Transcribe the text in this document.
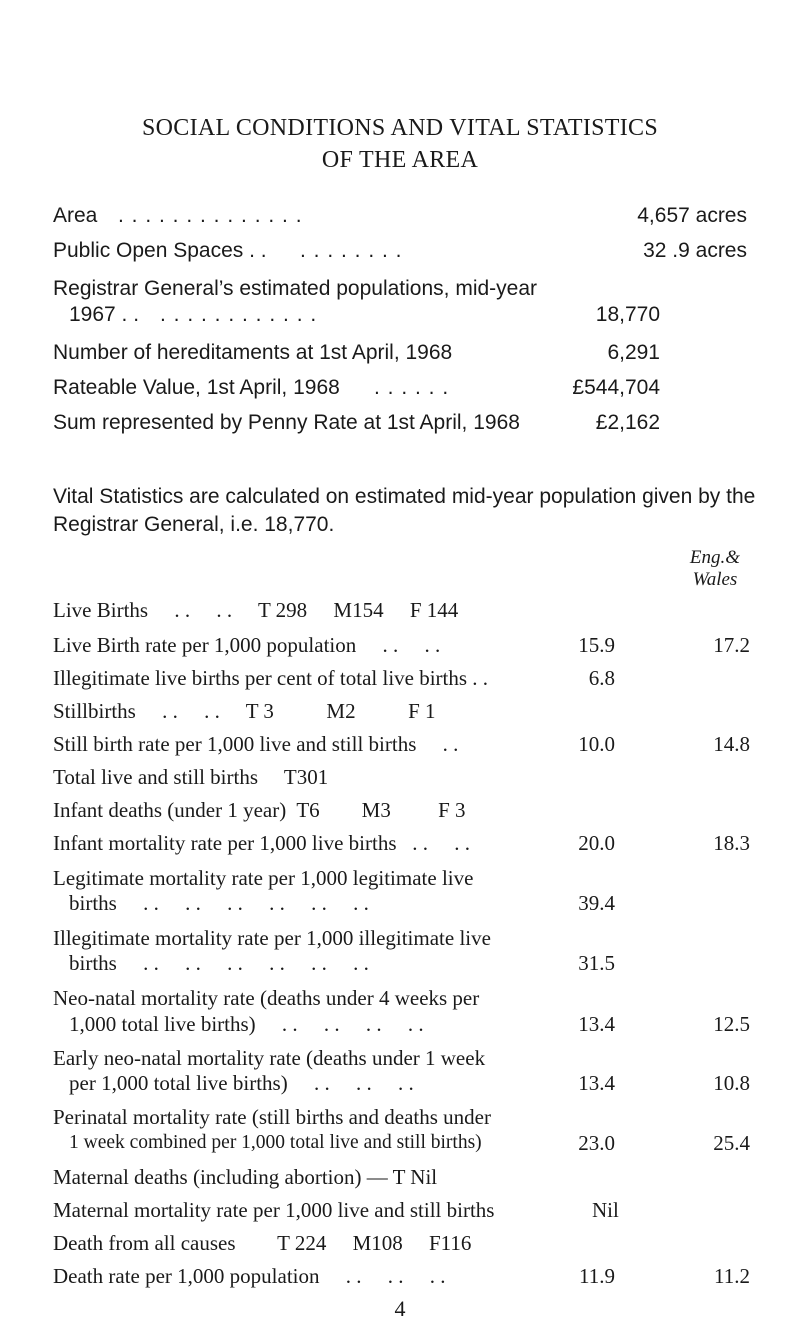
SOCIAL CONDITIONS AND VITAL STATISTICS
OF THE AREA
Area . . . . . . . . . . . . . .	4,657 acres
Public Open Spaces . . . . . . . . . .	32 .9 acres
Registrar General’s estimated populations, mid-year
1967 . . . . . . . . . . . . . .	18,770
Number of hereditaments at 1st April, 1968	6,291
Rateable Value, 1st April, 1968 . . . . . .	£544,704
Sum represented by Penny Rate at 1st April, 1968	£2,162
Vital Statistics are calculated on estimated mid-year population given by the Registrar General, i.e. 18,770.
Eng.&
Wales
Live Births     . .     . .     T 298     M154     F 144
Live Birth rate per 1,000 population     . .     . .	15.9	17.2
Illegitimate live births per cent of total live births . .	6.8
Stillbirths     . .     . .     T 3          M2          F 1
Still birth rate per 1,000 live and still births     . .	10.0	14.8
Total live and still births     T301
Infant deaths (under 1 year)  T6        M3         F 3
Infant mortality rate per 1,000 live births   . .     . .	20.0	18.3
Legitimate mortality rate per 1,000 legitimate live
births     . .     . .     . .     . .     . .     . .	39.4
Illegitimate mortality rate per 1,000 illegitimate live
births     . .     . .     . .     . .     . .     . .	31.5
Neo-natal mortality rate (deaths under 4 weeks per
1,000 total live births)     . .     . .     . .     . .	13.4	12.5
Early neo-natal mortality rate (deaths under 1 week
per 1,000 total live births)     . .     . .     . .	13.4	10.8
Perinatal mortality rate (still births and deaths under
1 week combined per 1,000 total live and still births)	23.0	25.4
Maternal deaths (including abortion) — T Nil
Maternal mortality rate per 1,000 live and still births	Nil
Death from all causes        T 224     M108     F116
Death rate per 1,000 population     . .     . .     . .	11.9	11.2
4
